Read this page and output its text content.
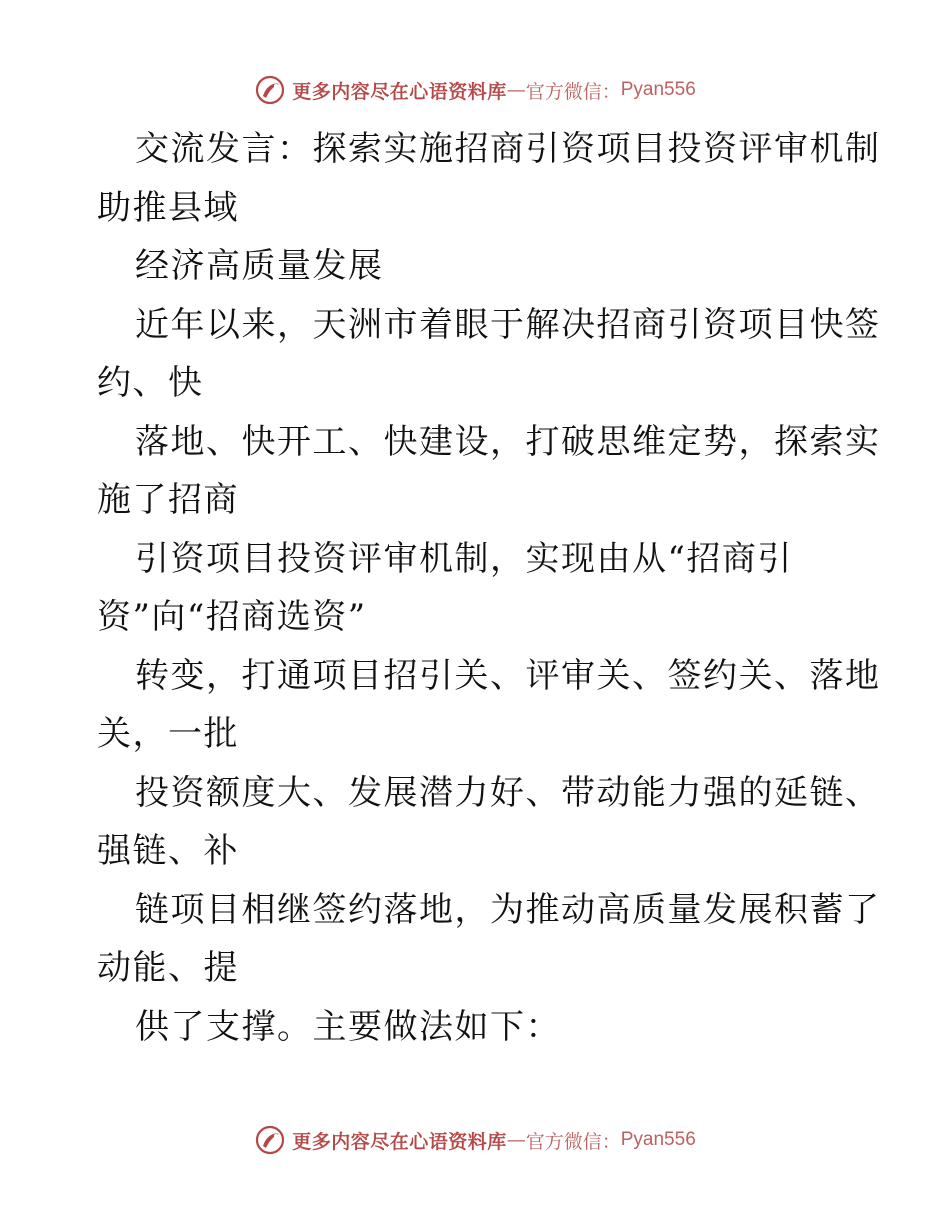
更多内容尽在心语资料库 — 官方微信： Pyan556
交流发言：探索实施招商引资项目投资评审机制
助推县域
经济高质量发展
近年以来，天洲市着眼于解决招商引资项目快签
约、快
落地、快开工、快建设，打破思维定势，探索实
施了招商
引资项目投资评审机制，实现由从“招商引
资”向“招商选资”
转变，打通项目招引关、评审关、签约关、落地
关，一批
投资额度大、发展潜力好、带动能力强的延链、
强链、补
链项目相继签约落地，为推动高质量发展积蓄了
动能、提
供了支撑。主要做法如下：
更多内容尽在心语资料库 — 官方微信： Pyan556
